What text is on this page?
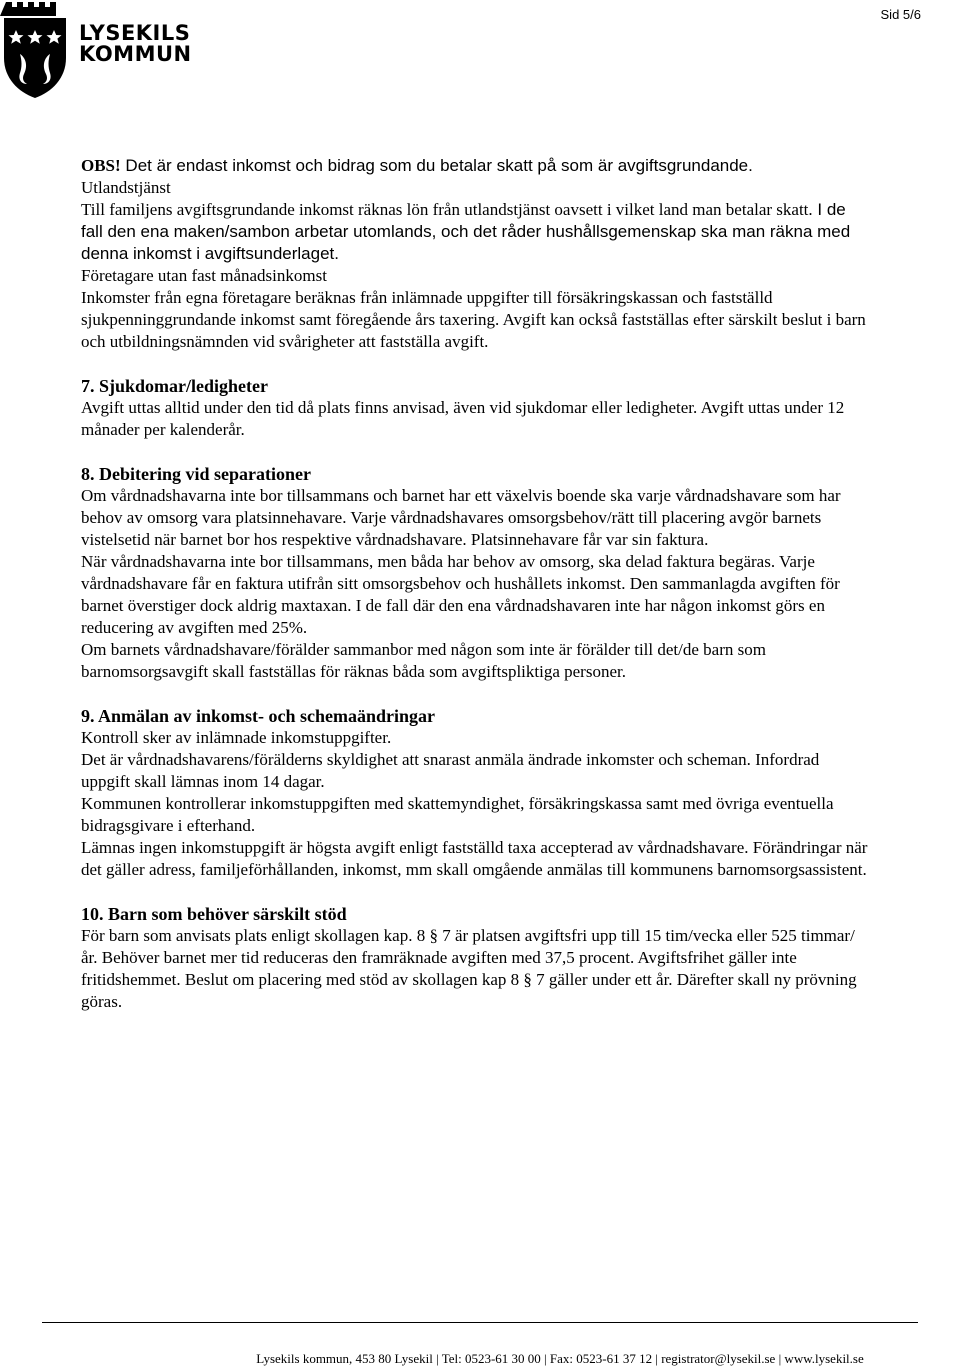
Sid 5/6
LYSEKILS
KOMMUN

OBS! Det är endast inkomst och bidrag som du betalar skatt på som är avgiftsgrundande.

Utlandstjänst

Till familjens avgiftsgrundande inkomst räknas lön från utlandstjänst oavsett i vilket land man betalar skatt. I de fall den ena maken/sambon arbetar utomlands, och det råder hushållsgemenskap ska man räkna med denna inkomst i avgiftsunderlaget.

Företagare utan fast månadsinkomst

Inkomster från egna företagare beräknas från inlämnade uppgifter till försäkringskassan och fastställd sjukpenninggrundande inkomst samt föregående års taxering. Avgift kan också fastställas efter särskilt beslut i barn och utbildningsnämnden vid svårigheter att fastställa avgift.

7. Sjukdomar/ledigheter

Avgift uttas alltid under den tid då plats finns anvisad, även vid sjukdomar eller ledigheter. Avgift uttas under 12 månader per kalenderår.

8. Debitering vid separationer

Om vårdnadshavarna inte bor tillsammans och barnet har ett växelvis boende ska varje vårdnadshavare som har behov av omsorg vara platsinnehavare. Varje vårdnadshavares omsorgsbehov/rätt till placering avgör barnets vistelsetid när barnet bor hos respektive vårdnadshavare. Platsinnehavare får var sin faktura.

När vårdnadshavarna inte bor tillsammans, men båda har behov av omsorg, ska delad faktura begäras. Varje vårdnadshavare får en faktura utifrån sitt omsorgsbehov och hushållets inkomst. Den sammanlagda avgiften för barnet överstiger dock aldrig maxtaxan. I de fall där den ena vårdnadshavaren inte har någon inkomst görs en reducering av avgiften med 25%.

Om barnets vårdnadshavare/förälder sammanbor med någon som inte är förälder till det/de barn som barnomsorgsavgift skall fastställas för räknas båda som avgiftspliktiga personer.

9. Anmälan av inkomst- och schemaändringar

Kontroll sker av inlämnade inkomstuppgifter.

Det är vårdnadshavarens/förälderns skyldighet att snarast anmäla ändrade inkomster och scheman. Infordrad uppgift skall lämnas inom 14 dagar.

Kommunen kontrollerar inkomstuppgiften med skattemyndighet, försäkringskassa samt med övriga eventuella bidragsgivare i efterhand.

Lämnas ingen inkomstuppgift är högsta avgift enligt fastställd taxa accepterad av vårdnadshavare. Förändringar när det gäller adress, familjeförhållanden, inkomst, mm skall omgående anmälas till kommunens barnomsorgsassistent.

10. Barn som behöver särskilt stöd

För barn som anvisats plats enligt skollagen kap. 8 § 7 är platsen avgiftsfri upp till 15 tim/vecka eller 525 timmar/år. Behöver barnet mer tid reduceras den framräknade avgiften med 37,5 procent. Avgiftsfrihet gäller inte fritidshemmet. Beslut om placering med stöd av skollagen kap 8 § 7 gäller under ett år. Därefter skall ny prövning göras.

Lysekils kommun, 453 80 Lysekil | Tel: 0523-61 30 00 | Fax: 0523-61 37 12 | registrator@lysekil.se | www.lysekil.se
